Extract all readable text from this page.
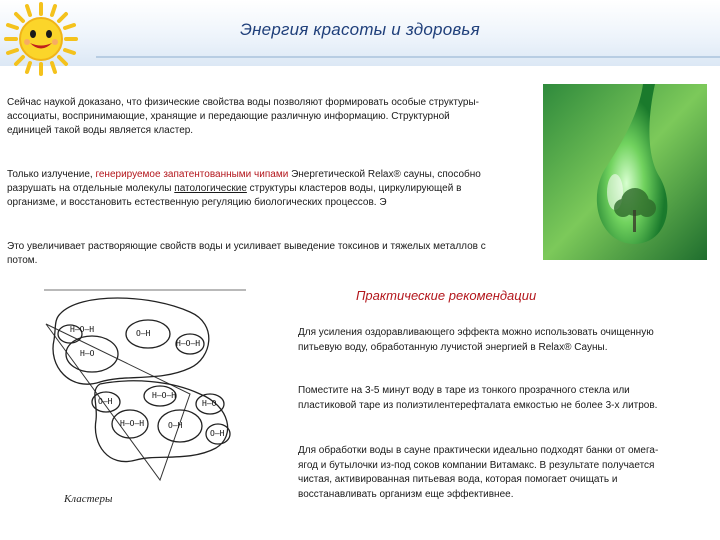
Энергия красоты и здоровья
Сейчас наукой доказано, что физические свойства воды позволяют формировать особые структуры-ассоциаты, воспринимающие, хранящие и передающие различную информацию. Структурной единицей такой воды является кластер.
Только излучение, генерируемое запатентованными чипами Энергетической Relax® сауны, способно разрушать на отдельные молекулы патологические структуры кластеров воды, циркулирующей в организме, и восстановить естественную регуляцию биологических процессов. Э
Это увеличивает растворяющие свойств воды и усиливает выведение токсинов и тяжелых металлов с потом.
H–O–H
H–O
O–H
H–O–H
H–O–H
O–H
H–O–H	O–H
H–O
O–H
Кластеры
Практические рекомендации
Для усиления оздоравливающего эффекта можно использовать очищенную питьевую воду, обработанную лучистой энергией в Relax® Сауны.
Поместите на 3-5 минут воду в таре из тонкого прозрачного стекла или пластиковой таре из полиэтилентерефталата емкостью не более 3-х литров.
Для обработки воды в сауне практически идеально подходят банки от омега-ягод и бутылочки из-под соков компании Витамакс. В результате получается чистая, активированная питьевая вода, которая помогает очищать и восстанавливать организм еще эффективнее.
